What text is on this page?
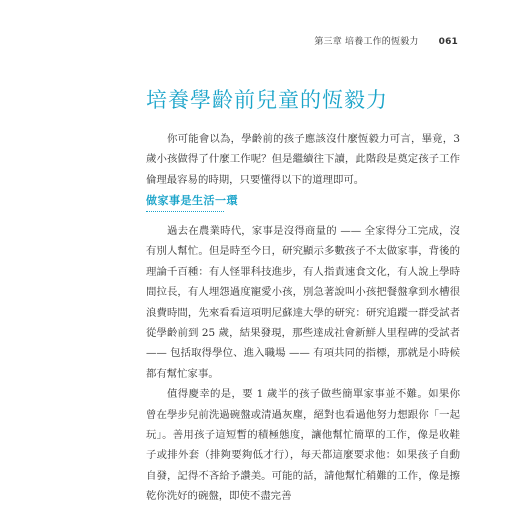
第三章 培養工作的恆毅力 061
培養學齡前兒童的恆毅力

你可能會以為，學齡前的孩子應該沒什麼恆毅力可言，畢竟，3 歲小孩做得了什麼工作呢？但是繼續往下讀，此階段是奠定孩子工作倫理最容易的時期，只要懂得以下的道理即可。

做家事是生活一環

過去在農業時代，家事是沒得商量的 —— 全家得分工完成，沒有別人幫忙。但是時至今日，研究顯示多數孩子不太做家事，背後的理論千百種：有人怪罪科技進步，有人指責速食文化，有人說上學時間拉長，有人埋怨過度寵愛小孩，別急著說叫小孩把餐盤拿到水槽很浪費時間，先來看看這項明尼蘇達大學的研究：研究追蹤一群受試者從學齡前到 25 歲，結果發現，那些達成社會新鮮人里程碑的受試者 —— 包括取得學位、進入職場 —— 有項共同的指標，那就是小時候都有幫忙家事。

值得慶幸的是，要 1 歲半的孩子做些簡單家事並不難。如果你曾在學步兒前洗過碗盤或清過灰塵，絕對也看過他努力想跟你「一起玩」。善用孩子這短暫的積極態度，讓他幫忙簡單的工作，像是收鞋子或排外套（排夠要夠低才行），每天都這麼要求他：如果孩子自動自發，記得不吝給予讚美。可能的話，請他幫忙稍難的工作，像是擦乾你洗好的碗盤，即使不盡完善
